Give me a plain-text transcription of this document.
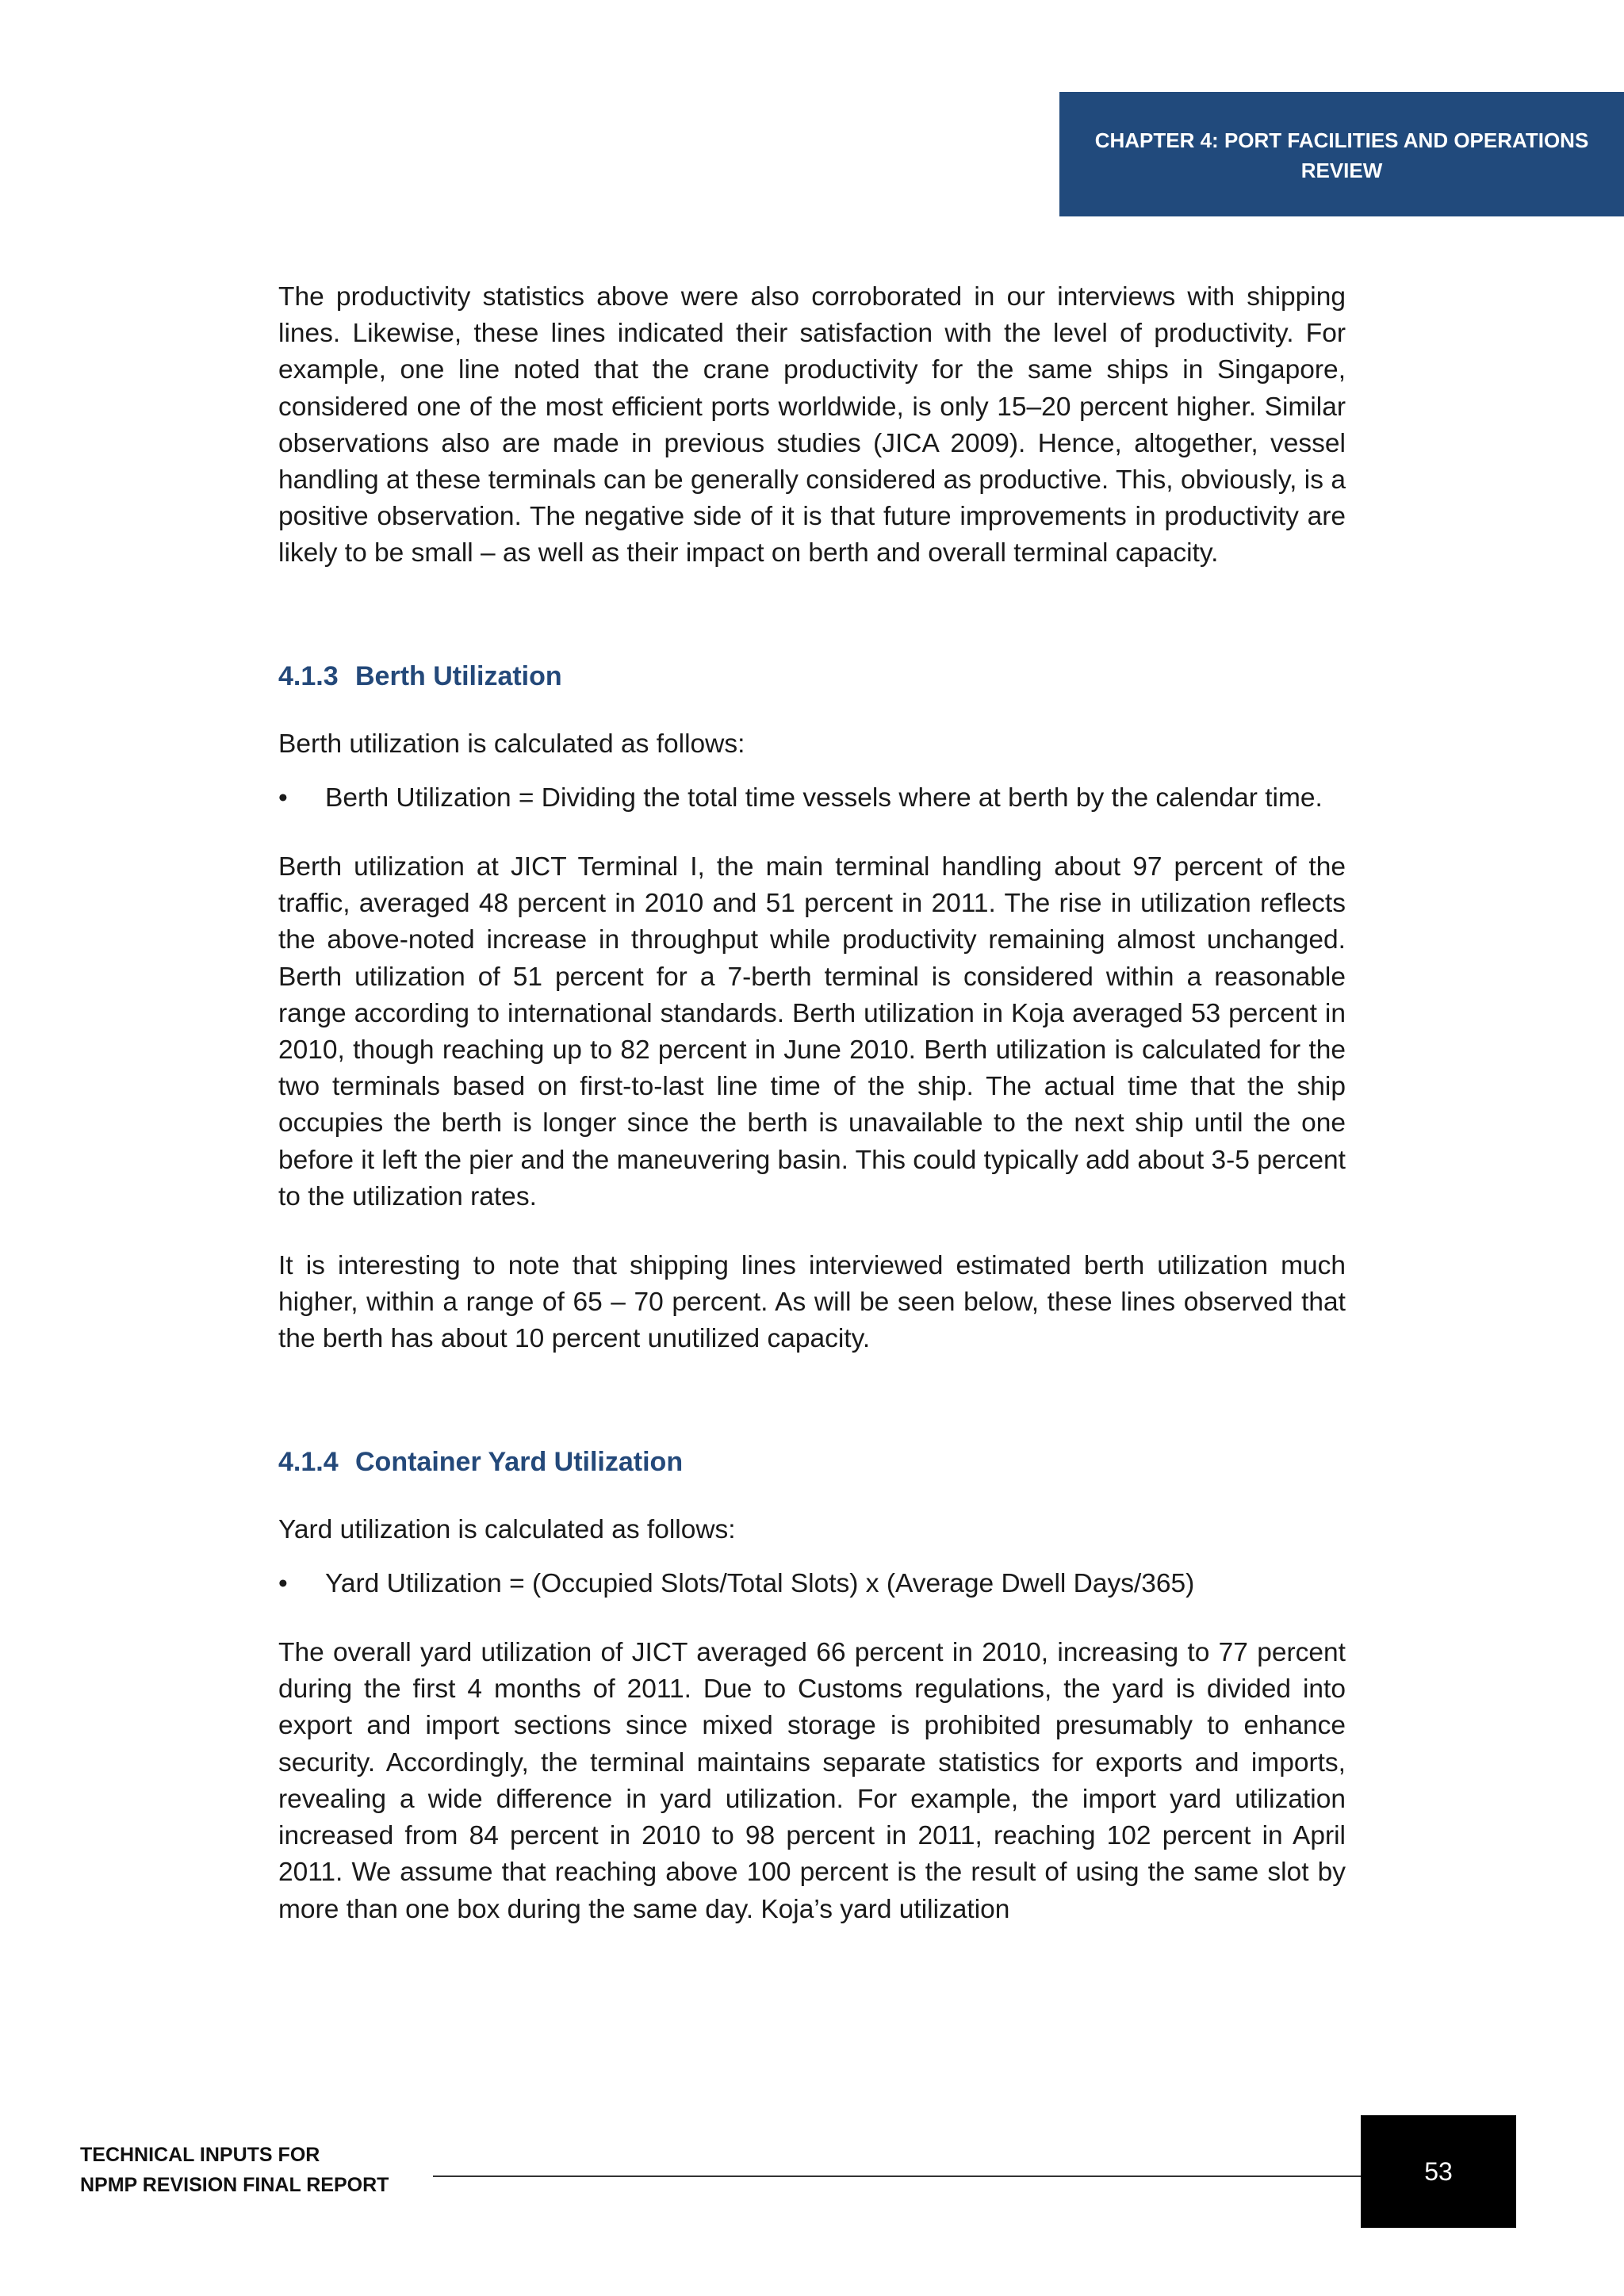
CHAPTER 4: PORT FACILITIES AND OPERATIONS
REVIEW

The productivity statistics above were also corroborated in our interviews with shipping lines. Likewise, these lines indicated their satisfaction with the level of productivity. For example, one line noted that the crane productivity for the same ships in Singapore, considered one of the most efficient ports worldwide, is only 15–20 percent higher. Similar observations also are made in previous studies (JICA 2009). Hence, altogether, vessel handling at these terminals can be generally considered as productive. This, obviously, is a positive observation. The negative side of it is that future improvements in productivity are likely to be small – as well as their impact on berth and overall terminal capacity.

4.1.3 Berth Utilization

Berth utilization is calculated as follows:

• Berth Utilization = Dividing the total time vessels where at berth by the calendar time.

Berth utilization at JICT Terminal I, the main terminal handling about 97 percent of the traffic, averaged 48 percent in 2010 and 51 percent in 2011. The rise in utilization reflects the above-noted increase in throughput while productivity remaining almost unchanged. Berth utilization of 51 percent for a 7-berth terminal is considered within a reasonable range according to international standards. Berth utilization in Koja averaged 53 percent in 2010, though reaching up to 82 percent in June 2010. Berth utilization is calculated for the two terminals based on first-to-last line time of the ship. The actual time that the ship occupies the berth is longer since the berth is unavailable to the next ship until the one before it left the pier and the maneuvering basin. This could typically add about 3-5 percent to the utilization rates.

It is interesting to note that shipping lines interviewed estimated berth utilization much higher, within a range of 65 – 70 percent. As will be seen below, these lines observed that the berth has about 10 percent unutilized capacity.

4.1.4 Container Yard Utilization

Yard utilization is calculated as follows:

• Yard Utilization = (Occupied Slots/Total Slots) x (Average Dwell Days/365)

The overall yard utilization of JICT averaged 66 percent in 2010, increasing to 77 percent during the first 4 months of 2011. Due to Customs regulations, the yard is divided into export and import sections since mixed storage is prohibited presumably to enhance security. Accordingly, the terminal maintains separate statistics for exports and imports, revealing a wide difference in yard utilization. For example, the import yard utilization increased from 84 percent in 2010 to 98 percent in 2011, reaching 102 percent in April 2011. We assume that reaching above 100 percent is the result of using the same slot by more than one box during the same day. Koja’s yard utilization

TECHNICAL INPUTS FOR
NPMP REVISION FINAL REPORT	53
